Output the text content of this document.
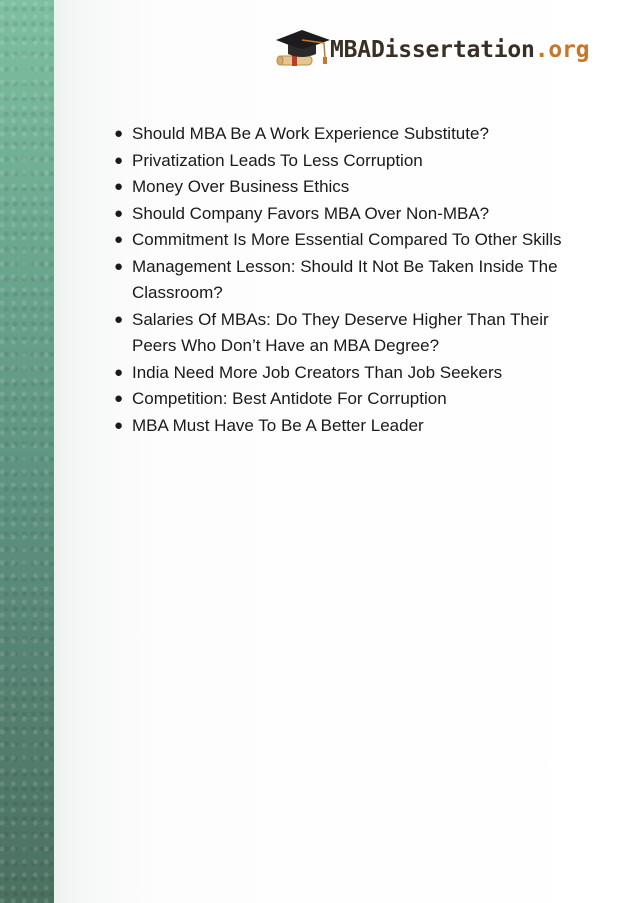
MBADissertation.org
● Should MBA Be A Work Experience Substitute?
● Privatization Leads To Less Corruption
● Money Over Business Ethics
● Should Company Favors MBA Over Non-MBA?
● Commitment Is More Essential Compared To Other Skills
● Management Lesson: Should It Not Be Taken Inside The Classroom?
● Salaries Of MBAs: Do They Deserve Higher Than Their Peers Who Don’t Have an MBA Degree?
● India Need More Job Creators Than Job Seekers
● Competition: Best Antidote For Corruption
● MBA Must Have To Be A Better Leader
